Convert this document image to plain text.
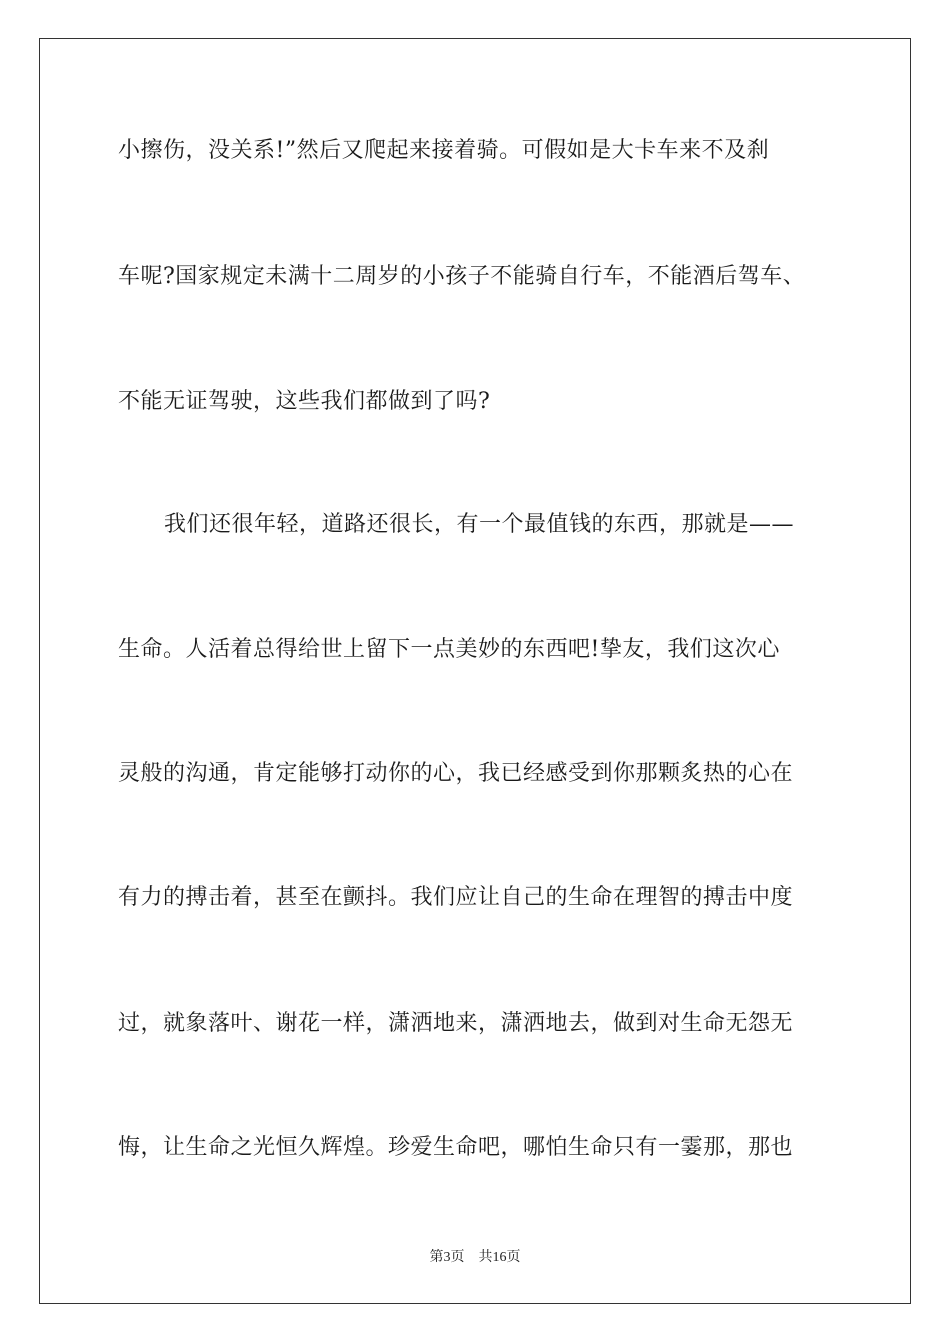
小擦伤，没关系!”然后又爬起来接着骑。可假如是大卡车来不及刹
车呢?国家规定未满十二周岁的小孩子不能骑自行车，不能酒后驾车、
不能无证驾驶，这些我们都做到了吗?
我们还很年轻，道路还很长，有一个最值钱的东西，那就是——
生命。人活着总得给世上留下一点美妙的东西吧!挚友，我们这次心
灵般的沟通，肯定能够打动你的心，我已经感受到你那颗炙热的心在
有力的搏击着，甚至在颤抖。我们应让自己的生命在理智的搏击中度
过，就象落叶、谢花一样，潇洒地来，潇洒地去，做到对生命无怨无
悔，让生命之光恒久辉煌。珍爱生命吧，哪怕生命只有一霎那，那也
第3页 共16页
